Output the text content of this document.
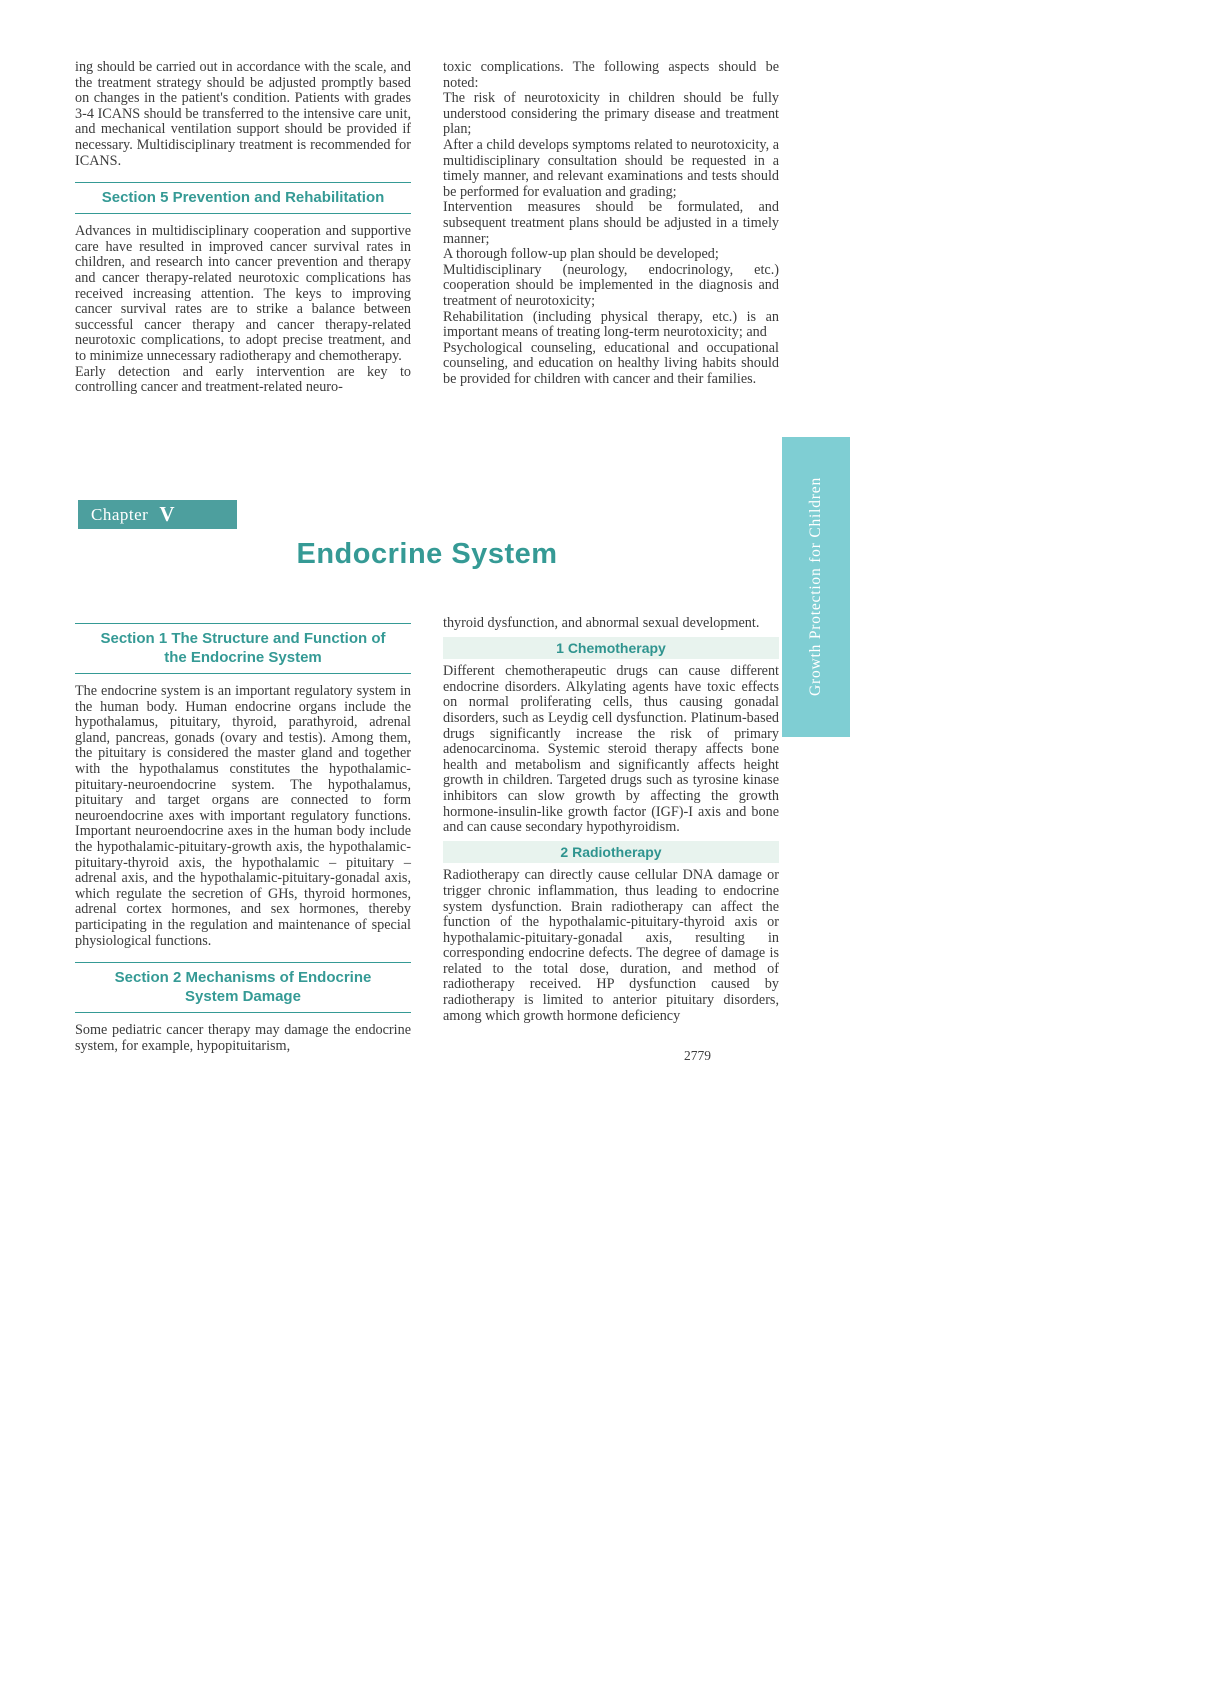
ing should be carried out in accordance with the scale, and the treatment strategy should be adjusted promptly based on changes in the patient's condition. Patients with grades 3-4 ICANS should be transferred to the intensive care unit, and mechanical ventilation support should be provided if necessary. Multidisciplinary treatment is recommended for ICANS.

Section 5 Prevention and Rehabilitation

Advances in multidisciplinary cooperation and supportive care have resulted in improved cancer survival rates in children, and research into cancer prevention and therapy and cancer therapy-related neurotoxic complications has received increasing attention. The keys to improving cancer survival rates are to strike a balance between successful cancer therapy and cancer therapy-related neurotoxic complications, to adopt precise treatment, and to minimize unnecessary radiotherapy and chemotherapy.

Early detection and early intervention are key to controlling cancer and treatment-related neuro-

toxic complications. The following aspects should be noted:

The risk of neurotoxicity in children should be fully understood considering the primary disease and treatment plan;

After a child develops symptoms related to neurotoxicity, a multidisciplinary consultation should be requested in a timely manner, and relevant examinations and tests should be performed for evaluation and grading;

Intervention measures should be formulated, and subsequent treatment plans should be adjusted in a timely manner;

A thorough follow-up plan should be developed;

Multidisciplinary (neurology, endocrinology, etc.) cooperation should be implemented in the diagnosis and treatment of neurotoxicity;

Rehabilitation (including physical therapy, etc.) is an important means of treating long-term neurotoxicity; and

Psychological counseling, educational and occupational counseling, and education on healthy living habits should be provided for children with cancer and their families.

Chapter V
Endocrine System
Section 1 The Structure and Function of
the Endocrine System

The endocrine system is an important regulatory system in the human body. Human endocrine organs include the hypothalamus, pituitary, thyroid, parathyroid, adrenal gland, pancreas, gonads (ovary and testis). Among them, the pituitary is considered the master gland and together with the hypothalamus constitutes the hypothalamic-pituitary-neuroendocrine system. The hypothalamus, pituitary and target organs are connected to form neuroendocrine axes with important regulatory functions. Important neuroendocrine axes in the human body include the hypothalamic-pituitary-growth axis, the hypothalamic-pituitary-thyroid axis, the hypothalamic – pituitary – adrenal axis, and the hypothalamic-pituitary-gonadal axis, which regulate the secretion of GHs, thyroid hormones, adrenal cortex hormones, and sex hormones, thereby participating in the regulation and maintenance of special physiological functions.

Section 2 Mechanisms of Endocrine
System Damage

Some pediatric cancer therapy may damage the endocrine system, for example, hypopituitarism,

thyroid dysfunction, and abnormal sexual development.

1 Chemotherapy

Different chemotherapeutic drugs can cause different endocrine disorders. Alkylating agents have toxic effects on normal proliferating cells, thus causing gonadal disorders, such as Leydig cell dysfunction. Platinum-based drugs significantly increase the risk of primary adenocarcinoma. Systemic steroid therapy affects bone health and metabolism and significantly affects height growth in children. Targeted drugs such as tyrosine kinase inhibitors can slow growth by affecting the growth hormone-insulin-like growth factor (IGF)-I axis and bone and can cause secondary hypothyroidism.

2 Radiotherapy

Radiotherapy can directly cause cellular DNA damage or trigger chronic inflammation, thus leading to endocrine system dysfunction. Brain radiotherapy can affect the function of the hypothalamic-pituitary-thyroid axis or hypothalamic-pituitary-gonadal axis, resulting in corresponding endocrine defects. The degree of damage is related to the total dose, duration, and method of radiotherapy received. HP dysfunction caused by radiotherapy is limited to anterior pituitary disorders, among which growth hormone deficiency

2779
Growth Protection for Children
